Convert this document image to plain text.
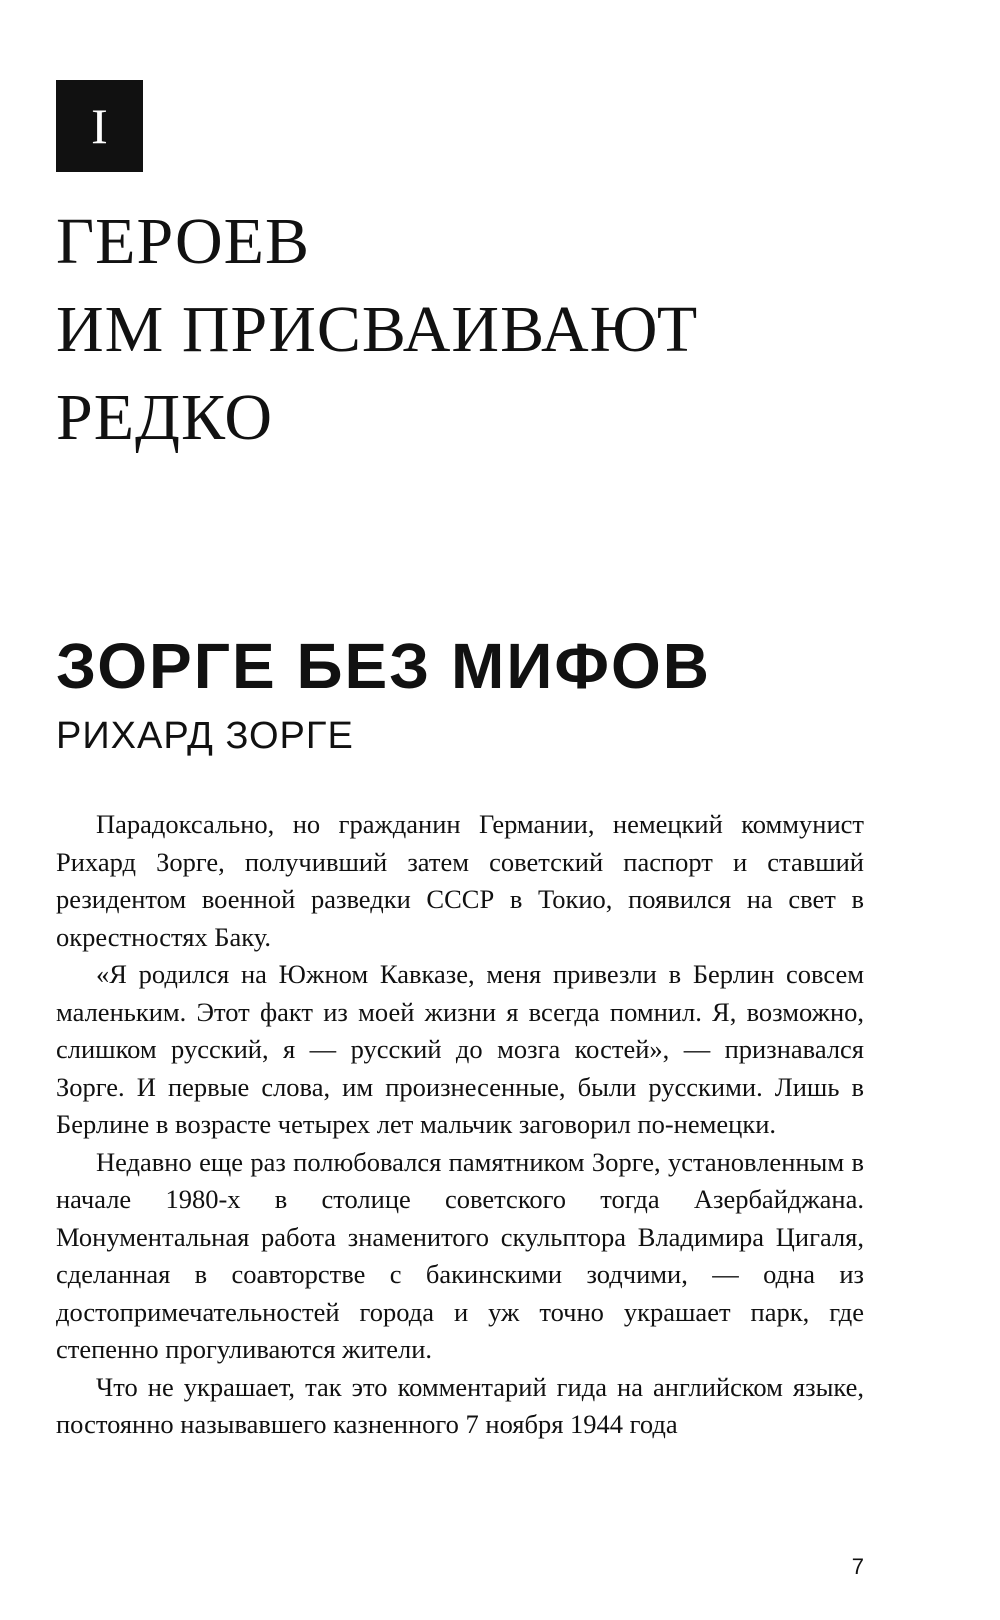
I
ГЕРОЕВ
ИМ ПРИСВАИВАЮТ
РЕДКО
ЗОРГЕ БЕЗ МИФОВ
РИХАРД ЗОРГЕ

Парадоксально, но гражданин Германии, немецкий коммунист Рихард Зорге, получивший затем советский паспорт и ставший резидентом военной разведки СССР в Токио, появился на свет в окрестностях Баку.

«Я родился на Южном Кавказе, меня привезли в Берлин совсем маленьким. Этот факт из моей жизни я всегда помнил. Я, возможно, слишком русский, я — русский до мозга костей», — признавался Зорге. И первые слова, им произнесенные, были русскими. Лишь в Берлине в возрасте четырех лет мальчик заговорил по-немецки.

Недавно еще раз полюбовался памятником Зорге, установленным в начале 1980-х в столице советского тогда Азербайджана. Монументальная работа знаменитого скульптора Владимира Цигаля, сделанная в соавторстве с бакинскими зодчими, — одна из достопримечательностей города и уж точно украшает парк, где степенно прогуливаются жители.

Что не украшает, так это комментарий гида на английском языке, постоянно называвшего казненного 7 ноября 1944 года

7
